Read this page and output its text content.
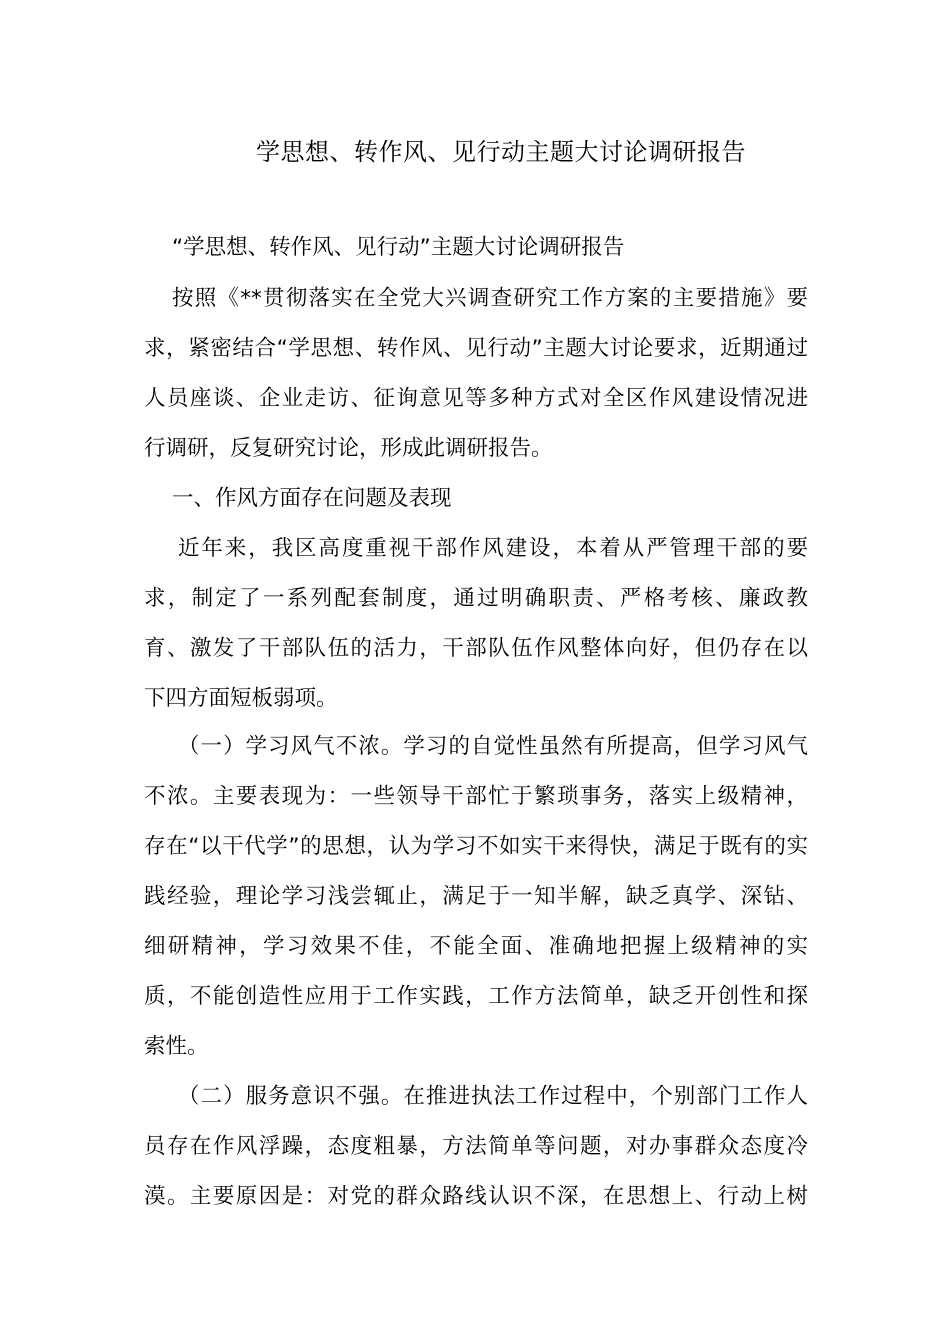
学思想、转作风、见行动主题大讨论调研报告
“学思想、转作风、见行动”主题大讨论调研报告
按照《**贯彻落实在全党大兴调查研究工作方案的主要措施》要
求，紧密结合“学思想、转作风、见行动”主题大讨论要求，近期通过
人员座谈、企业走访、征询意见等多种方式对全区作风建设情况进
行调研，反复研究讨论，形成此调研报告。
一、作风方面存在问题及表现
近年来，我区高度重视干部作风建设，本着从严管理干部的要
求，制定了一系列配套制度，通过明确职责、严格考核、廉政教
育、激发了干部队伍的活力，干部队伍作风整体向好，但仍存在以
下四方面短板弱项。
（一）学习风气不浓。学习的自觉性虽然有所提高，但学习风气
不浓。主要表现为：一些领导干部忙于繁琐事务，落实上级精神，
存在“以干代学”的思想，认为学习不如实干来得快，满足于既有的实
践经验，理论学习浅尝辄止，满足于一知半解，缺乏真学、深钻、
细研精神，学习效果不佳，不能全面、准确地把握上级精神的实
质，不能创造性应用于工作实践，工作方法简单，缺乏开创性和探
索性。
（二）服务意识不强。在推进执法工作过程中，个别部门工作人
员存在作风浮躁，态度粗暴，方法简单等问题，对办事群众态度冷
漠。主要原因是：对党的群众路线认识不深，在思想上、行动上树
